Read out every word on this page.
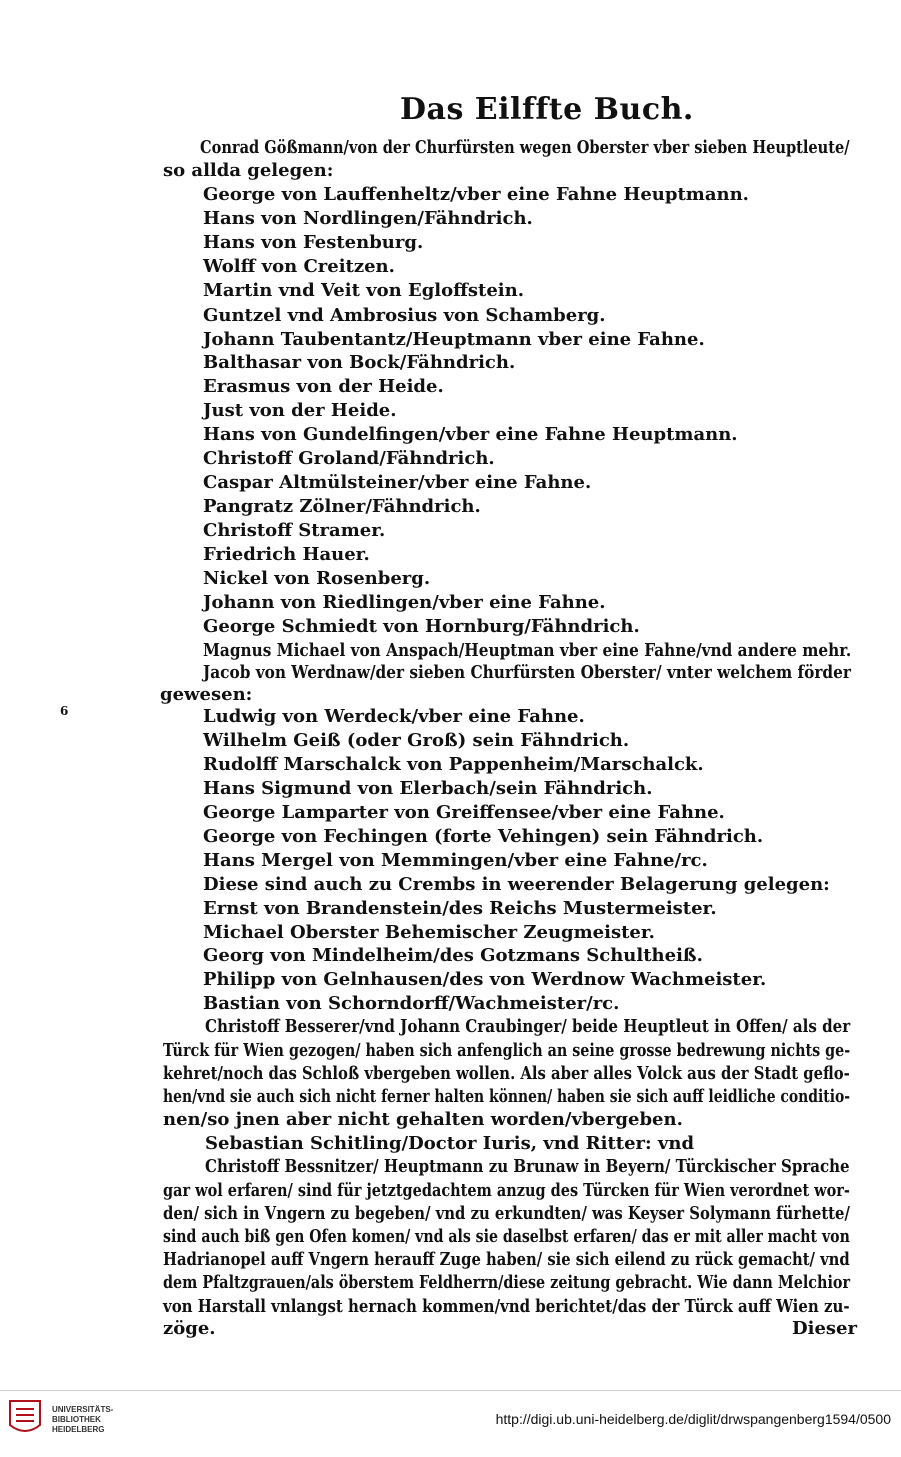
Das Eilffte Buch.
Conrad Gößmann/von der Churfürsten wegen Oberster vber sieben Heuptleute/
so allda gelegen:
George von Lauffenheltz/vber eine Fahne Heuptmann.
Hans von Nordlingen/Fähndrich.
Hans von Festenburg.
Wolff von Creitzen.
Martin vnd Veit von Egloffstein.
Guntzel vnd Ambrosius von Schamberg.
Johann Taubentantz/Heuptmann vber eine Fahne.
Balthasar von Bock/Fähndrich.
Erasmus von der Heide.
Just von der Heide.
Hans von Gundelfingen/vber eine Fahne Heuptmann.
Christoff Groland/Fähndrich.
Caspar Altmülsteiner/vber eine Fahne.
Pangratz Zölner/Fähndrich.
Christoff Stramer.
Friedrich Hauer.
Nickel von Rosenberg.
Johann von Riedlingen/vber eine Fahne.
George Schmiedt von Hornburg/Fähndrich.
Magnus Michael von Anspach/Heuptman vber eine Fahne/vnd andere mehr.
Jacob von Werdnaw/der sieben Churfürsten Oberster/ vnter welchem förder
gewesen:
Ludwig von Werdeck/vber eine Fahne.
Wilhelm Geiß (oder Groß) sein Fähndrich.
Rudolff Marschalck von Pappenheim/Marschalck.
Hans Sigmund von Elerbach/sein Fähndrich.
George Lamparter von Greiffensee/vber eine Fahne.
George von Fechingen (forte Vehingen) sein Fähndrich.
Hans Mergel von Memmingen/vber eine Fahne/rc.
Diese sind auch zu Crembs in weerender Belagerung gelegen:
Ernst von Brandenstein/des Reichs Mustermeister.
Michael Oberster Behemischer Zeugmeister.
Georg von Mindelheim/des Gotzmans Schultheiß.
Philipp von Gelnhausen/des von Werdnow Wachmeister.
Bastian von Schorndorff/Wachmeister/rc.
Christoff Besserer/vnd Johann Craubinger/ beide Heuptleut in Offen/ als der
Türck für Wien gezogen/ haben sich anfenglich an seine grosse bedrewung nichts ge-
kehret/noch das Schloß vbergeben wollen. Als aber alles Volck aus der Stadt geflo-
hen/vnd sie auch sich nicht ferner halten können/ haben sie sich auff leidliche conditio-
nen/so jnen aber nicht gehalten worden/vbergeben.
Sebastian Schitling/Doctor Iuris, vnd Ritter: vnd
Christoff Bessnitzer/ Heuptmann zu Brunaw in Beyern/ Türckischer Sprache
gar wol erfaren/ sind für jetztgedachtem anzug des Türcken für Wien verordnet wor-
den/ sich in Vngern zu begeben/ vnd zu erkundten/ was Keyser Solymann fürhette/
sind auch biß gen Ofen komen/ vnd als sie daselbst erfaren/ das er mit aller macht von
Hadrianopel auff Vngern herauff Zuge haben/ sie sich eilend zu rück gemacht/ vnd
dem Pfaltzgrauen/als öberstem Feldherrn/diese zeitung gebracht. Wie dann Melchior
von Harstall vnlangst hernach kommen/vnd berichtet/das der Türck auff Wien zu-
zöge.	Dieser
6
UNIVERSITÄTS-
BIBLIOTHEK
HEIDELBERG
http://digi.ub.uni-heidelberg.de/diglit/drwspangenberg1594/0500
